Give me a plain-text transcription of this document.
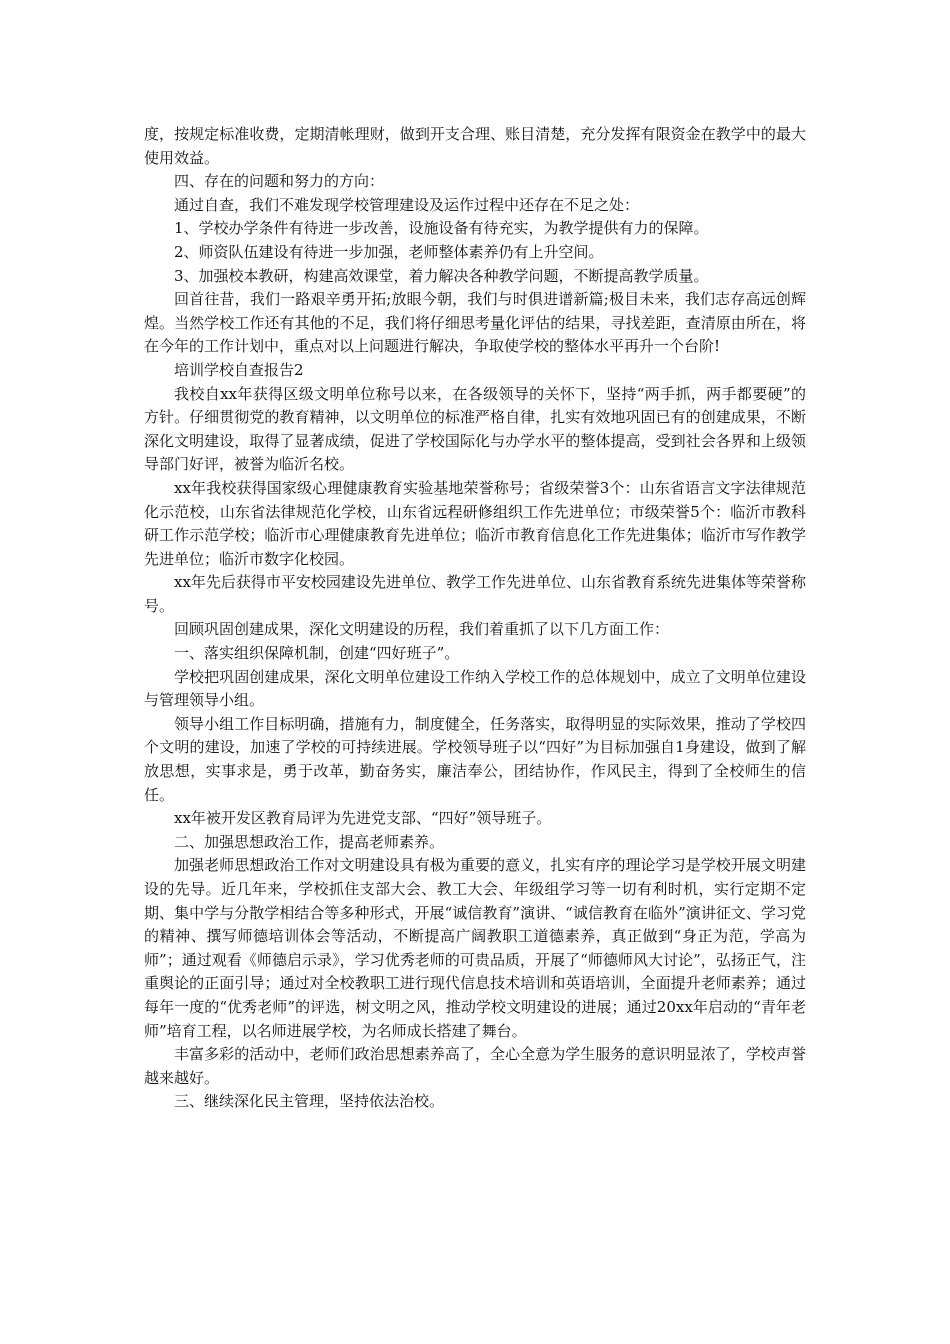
度，按规定标准收费，定期清帐理财，做到开支合理、账目清楚，充分发挥有限资金在教学中的最大使用效益。

四、存在的问题和努力的方向：

通过自查，我们不难发现学校管理建设及运作过程中还存在不足之处：

1、学校办学条件有待进一步改善，设施设备有待充实，为教学提供有力的保障。

2、师资队伍建设有待进一步加强，老师整体素养仍有上升空间。

3、加强校本教研，构建高效课堂，着力解决各种教学问题，不断提高教学质量。

回首往昔，我们一路艰辛勇开拓;放眼今朝，我们与时俱进谱新篇;极目未来，我们志存高远创辉煌。当然学校工作还有其他的不足，我们将仔细思考量化评估的结果，寻找差距，查清原由所在，将在今年的工作计划中，重点对以上问题进行解决，争取使学校的整体水平再升一个台阶!

培训学校自查报告2

我校自xx年获得区级文明单位称号以来，在各级领导的关怀下，坚持“两手抓，两手都要硬”的方针。仔细贯彻党的教育精神，以文明单位的标准严格自律，扎实有效地巩固已有的创建成果，不断深化文明建设，取得了显著成绩，促进了学校国际化与办学水平的整体提高，受到社会各界和上级领导部门好评，被誉为临沂名校。

xx年我校获得国家级心理健康教育实验基地荣誉称号；省级荣誉3个：山东省语言文字法律规范化示范校，山东省法律规范化学校，山东省远程研修组织工作先进单位；市级荣誉5个：临沂市教科研工作示范学校；临沂市心理健康教育先进单位；临沂市教育信息化工作先进集体；临沂市写作教学先进单位；临沂市数字化校园。

xx年先后获得市平安校园建设先进单位、教学工作先进单位、山东省教育系统先进集体等荣誉称号。

回顾巩固创建成果，深化文明建设的历程，我们着重抓了以下几方面工作：

一、落实组织保障机制，创建“四好班子”。

学校把巩固创建成果，深化文明单位建设工作纳入学校工作的总体规划中，成立了文明单位建设与管理领导小组。

领导小组工作目标明确，措施有力，制度健全，任务落实，取得明显的实际效果，推动了学校四个文明的建设，加速了学校的可持续进展。学校领导班子以“四好”为目标加强自1身建设，做到了解放思想，实事求是，勇于改革，勤奋务实，廉洁奉公，团结协作，作风民主，得到了全校师生的信任。

xx年被开发区教育局评为先进党支部、“四好”领导班子。

二、加强思想政治工作，提高老师素养。

加强老师思想政治工作对文明建设具有极为重要的意义，扎实有序的理论学习是学校开展文明建设的先导。近几年来，学校抓住支部大会、教工大会、年级组学习等一切有利时机，实行定期不定期、集中学与分散学相结合等多种形式，开展“诚信教育”演讲、“诚信教育在临外”演讲征文、学习党的精神、撰写师德培训体会等活动，不断提高广阔教职工道德素养，真正做到“身正为范，学高为师”；通过观看《师德启示录》，学习优秀老师的可贵品质，开展了“师德师风大讨论”，弘扬正气，注重舆论的正面引导；通过对全校教职工进行现代信息技术培训和英语培训，全面提升老师素养；通过每年一度的“优秀老师”的评选，树文明之风，推动学校文明建设的进展；通过20xx年启动的“青年老师”培育工程，以名师进展学校，为名师成长搭建了舞台。

丰富多彩的活动中，老师们政治思想素养高了，全心全意为学生服务的意识明显浓了，学校声誉越来越好。

三、继续深化民主管理，坚持依法治校。
